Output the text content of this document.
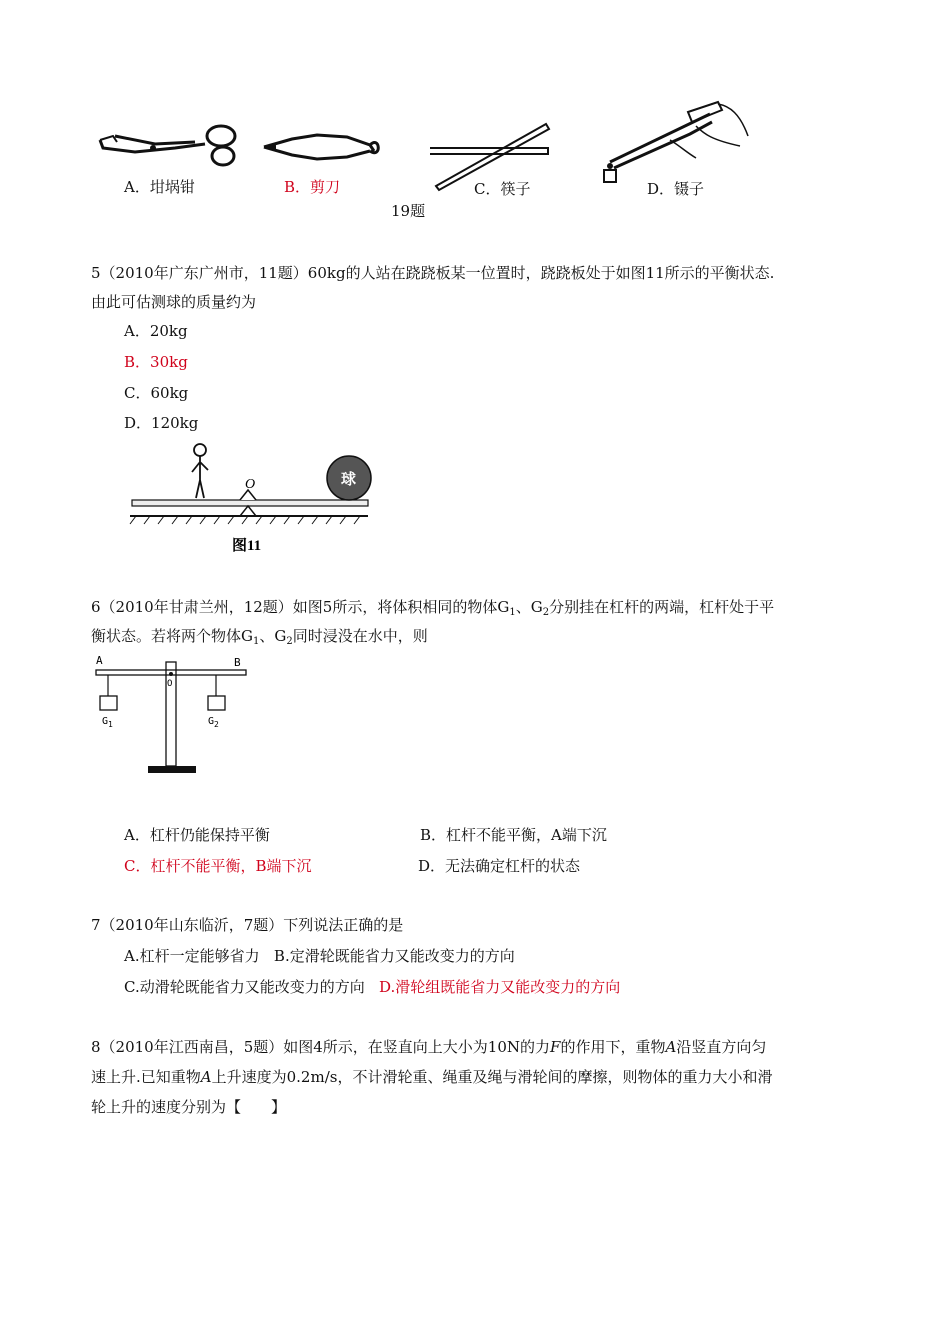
A．坩埚钳	B．剪刀	C．筷子	D．镊子
19题
5（2010年广东广州市，11题）60kg的人站在跷跷板某一位置时，跷跷板处于如图11所示的平衡状态.
由此可估测球的质量约为
A．20kg
B．30kg
C．60kg
D．120kg
O	球
图11
6（2010年甘肃兰州，12题）如图5所示，将体积相同的物体$G_1$、$G_2$分别挂在杠杆的两端，杠杆处于平
衡状态。若将两个物体$G_1$、$G_2$同时浸没在水中，则
A	B
O
$G_1$	$G_2$
A．杠杆仍能保持平衡	B．杠杆不能平衡，A端下沉
C．杠杆不能平衡，B端下沉	D．无法确定杠杆的状态
7（2010年山东临沂，7题）下列说法正确的是
A.杠杆一定能够省力 B.定滑轮既能省力又能改变力的方向
C.动滑轮既能省力又能改变力的方向 D.滑轮组既能省力又能改变力的方向
8（2010年江西南昌，5题）如图4所示，在竖直向上大小为10N的力F的作用下，重物A沿竖直方向匀
速上升.已知重物A上升速度为0.2m/s，不计滑轮重、绳重及绳与滑轮间的摩擦，则物体的重力大小和滑
轮上升的速度分别为【　　】
